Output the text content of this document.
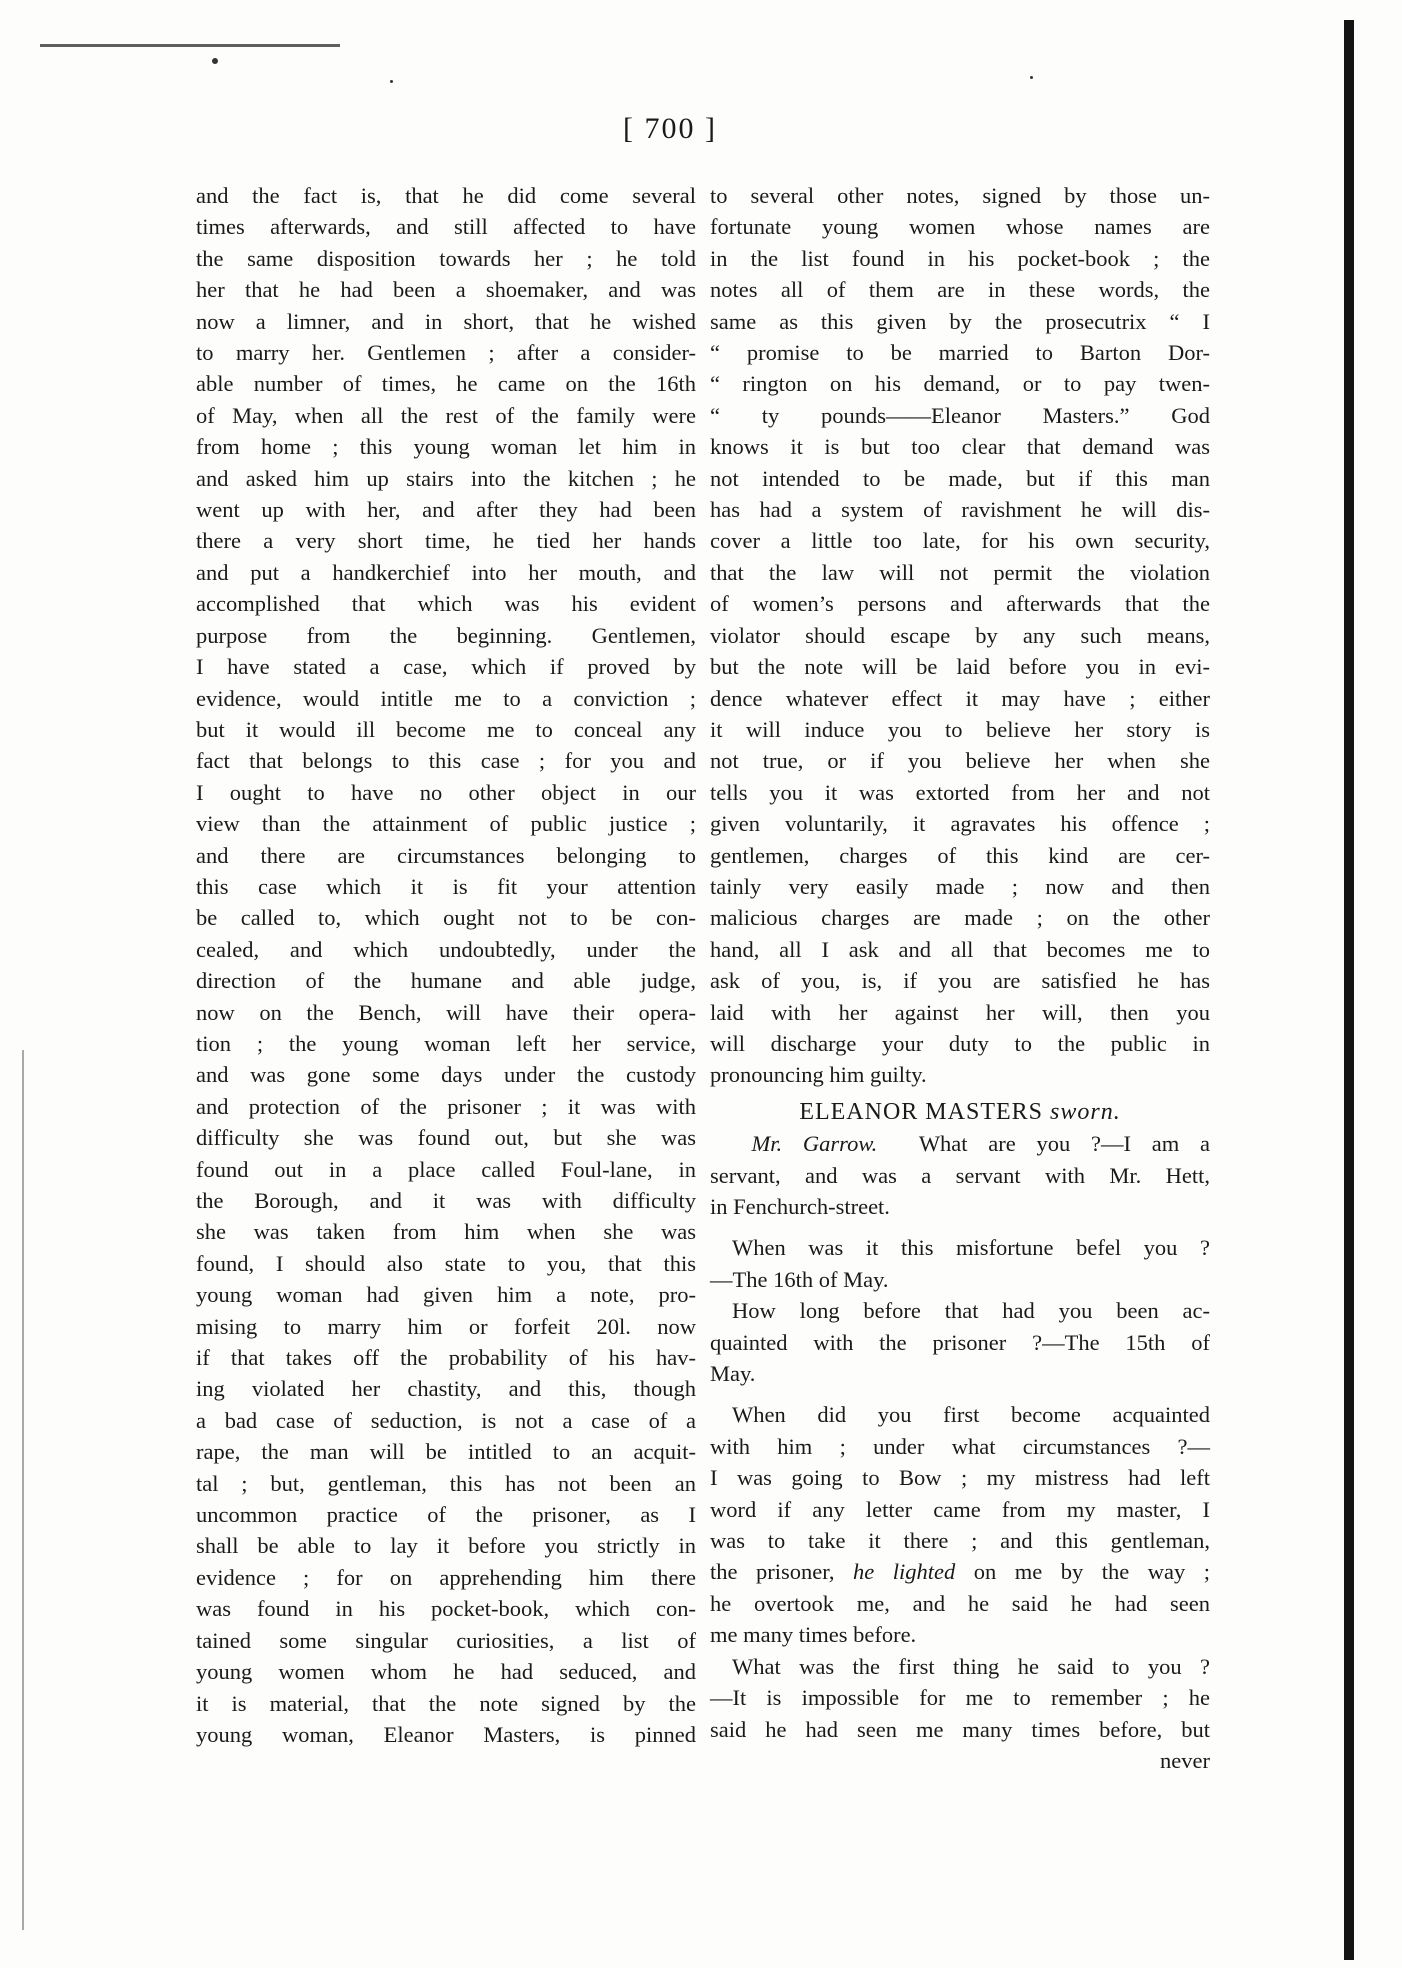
[ 700 ]

and the fact is, that he did come several
times afterwards, and still affected to have
the same disposition towards her ; he told
her that he had been a shoemaker, and was
now a limner, and in short, that he wished
to marry her. Gentlemen ; after a consider-
able number of times, he came on the 16th
of May, when all the rest of the family were
from home ; this young woman let him in
and asked him up stairs into the kitchen ; he
went up with her, and after they had been
there a very short time, he tied her hands
and put a handkerchief into her mouth, and
accomplished that which was his evident
purpose from the beginning. Gentlemen,
I have stated a case, which if proved by
evidence, would intitle me to a conviction ;
but it would ill become me to conceal any
fact that belongs to this case ; for you and
I ought to have no other object in our
view than the attainment of public justice ;
and there are circumstances belonging to
this case which it is fit your attention
be called to, which ought not to be con-
cealed, and which undoubtedly, under the
direction of the humane and able judge,
now on the Bench, will have their opera-
tion ; the young woman left her service,
and was gone some days under the custody
and protection of the prisoner ; it was with
difficulty she was found out, but she was
found out in a place called Foul-lane, in
the Borough, and it was with difficulty
she was taken from him when she was
found, I should also state to you, that this
young woman had given him a note, pro-
mising to marry him or forfeit 20l. now
if that takes off the probability of his hav-
ing violated her chastity, and this, though
a bad case of seduction, is not a case of a
rape, the man will be intitled to an acquit-
tal ; but, gentleman, this has not been an
uncommon practice of the prisoner, as I
shall be able to lay it before you strictly in
evidence ; for on apprehending him there
was found in his pocket-book, which con-
tained some singular curiosities, a list of
young women whom he had seduced, and
it is material, that the note signed by the
young woman, Eleanor Masters, is pinned

to several other notes, signed by those un-
fortunate young women whose names are
in the list found in his pocket-book ; the
notes all of them are in these words, the
same as this given by the prosecutrix “ I
“ promise to be married to Barton Dor-
“ rington on his demand, or to pay twen-
“ ty pounds——Eleanor Masters.” God
knows it is but too clear that demand was
not intended to be made, but if this man
has had a system of ravishment he will dis-
cover a little too late, for his own security,
that the law will not permit the violation
of women’s persons and afterwards that the
violator should escape by any such means,
but the note will be laid before you in evi-
dence whatever effect it may have ; either
it will induce you to believe her story is
not true, or if you believe her when she
tells you it was extorted from her and not
given voluntarily, it agravates his offence ;
gentlemen, charges of this kind are cer-
tainly very easily made ; now and then
malicious charges are made ; on the other
hand, all I ask and all that becomes me to
ask of you, is, if you are satisfied he has
laid with her against her will, then you
will discharge your duty to the public in
pronouncing him guilty.

ELEANOR MASTERS sworn.

Mr. Garrow. What are you ?—I am a
servant, and was a servant with Mr. Hett,
in Fenchurch-street.

When was it this misfortune befel you ?
—The 16th of May.

How long before that had you been ac-
quainted with the prisoner ?—The 15th of
May.

When did you first become acquainted
with him ; under what circumstances ?—
I was going to Bow ; my mistress had left
word if any letter came from my master, I
was to take it there ; and this gentleman,
the prisoner, he lighted on me by the way ;
he overtook me, and he said he had seen
me many times before.

What was the first thing he said to you ?
—It is impossible for me to remember ; he
said he had seen me many times before, but

never
